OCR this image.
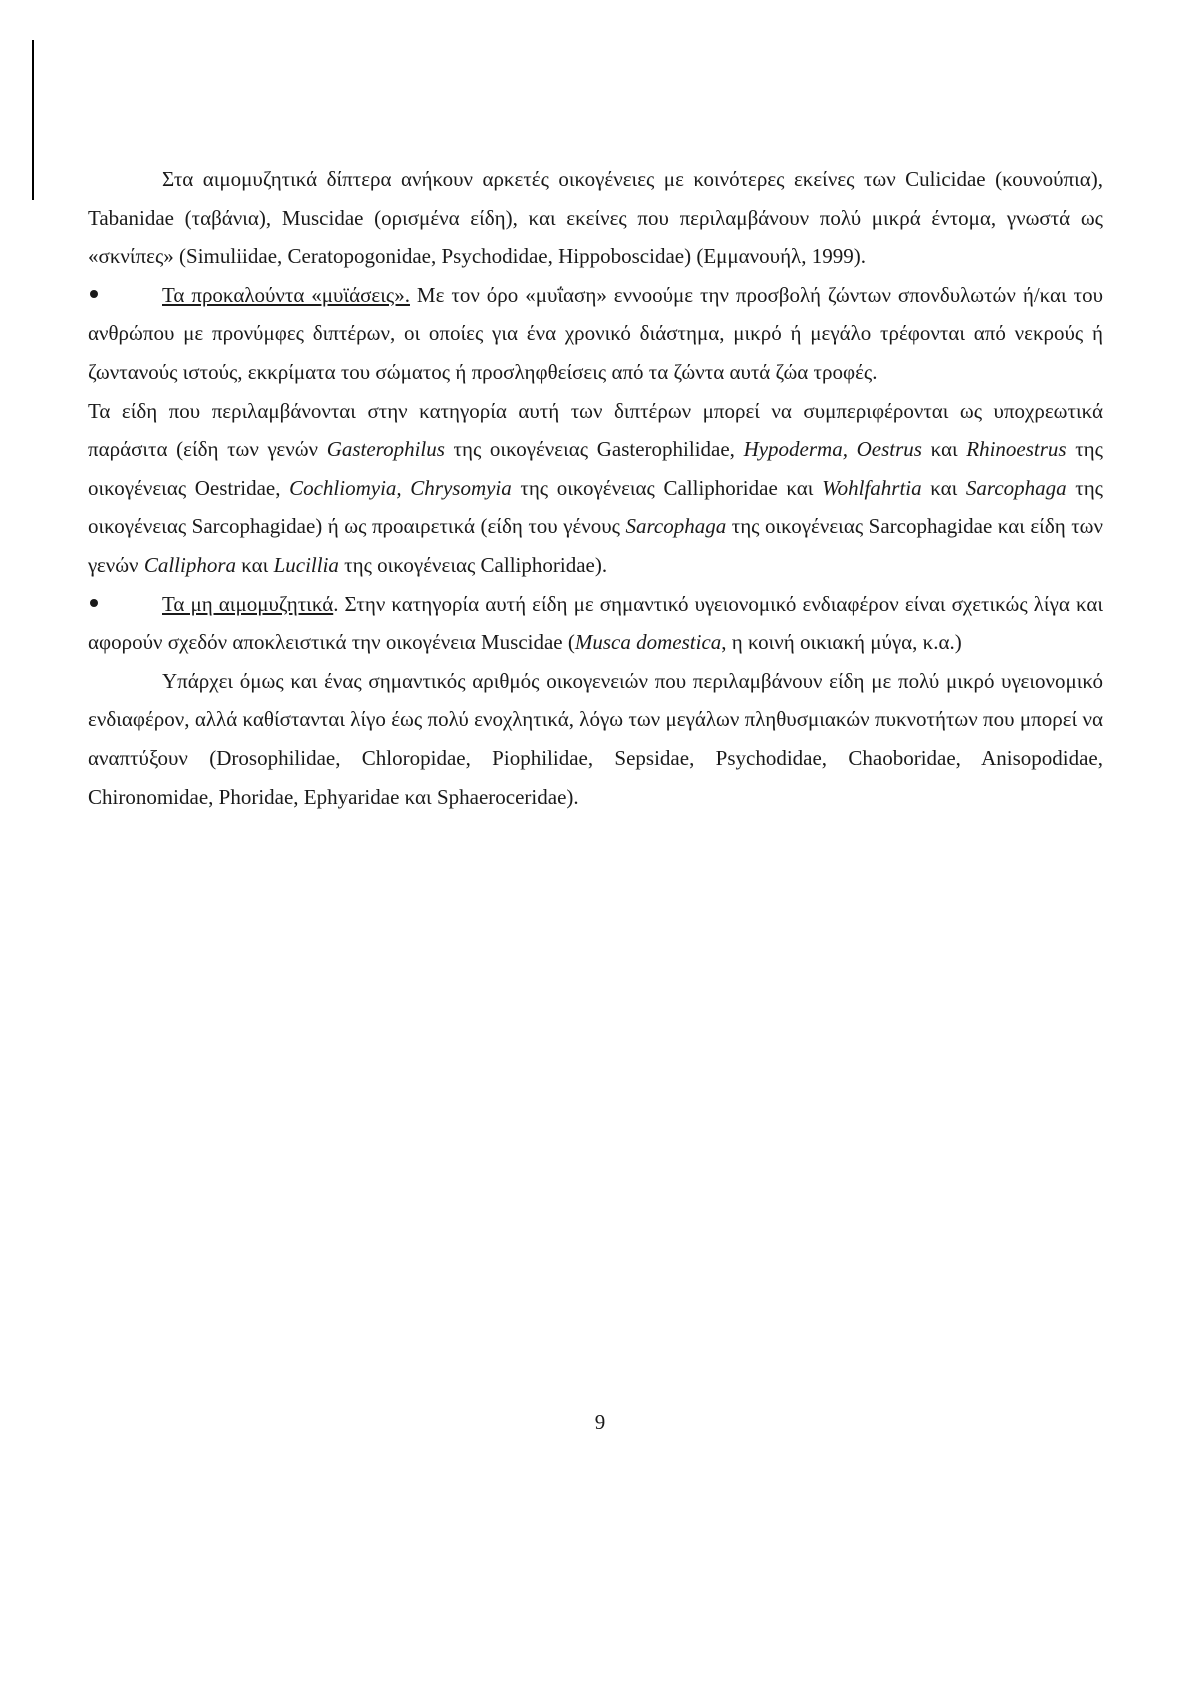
Στα αιμομυζητικά δίπτερα ανήκουν αρκετές οικογένειες με κοινότερες εκείνες των Culicidae (κουνούπια), Tabanidae (ταβάνια), Muscidae (ορισμένα είδη), και εκείνες που περιλαμβάνουν πολύ μικρά έντομα, γνωστά ως «σκνίπες» (Simuliidae, Ceratopogonidae, Psychodidae, Hippoboscidae) (Εμμανουήλ, 1999).

Τα προκαλούντα «μυϊάσεις». Με τον όρο «μυΐαση» εννοούμε την προσβολή ζώντων σπονδυλωτών ή/και του ανθρώπου με προνύμφες διπτέρων, οι οποίες για ένα χρονικό διάστημα, μικρό ή μεγάλο τρέφονται από νεκρούς ή ζωντανούς ιστούς, εκκρίματα του σώματος ή προσληφθείσεις από τα ζώντα αυτά ζώα τροφές.

Τα είδη που περιλαμβάνονται στην κατηγορία αυτή των διπτέρων μπορεί να συμπεριφέρονται ως υποχρεωτικά παράσιτα (είδη των γενών Gasterophilus της οικογένειας Gasterophilidae, Hypoderma, Oestrus και Rhinoestrus της οικογένειας Oestridae, Cochliomyia, Chrysomyia της οικογένειας Calliphoridae και Wohlfahrtia και Sarcophaga της οικογένειας Sarcophagidae) ή ως προαιρετικά (είδη του γένους Sarcophaga της οικογένειας Sarcophagidae και είδη των γενών Calliphora και Lucillia της οικογένειας Calliphoridae).

Τα μη αιμομυζητικά. Στην κατηγορία αυτή είδη με σημαντικό υγειονομικό ενδιαφέρον είναι σχετικώς λίγα και αφορούν σχεδόν αποκλειστικά την οικογένεια Muscidae (Musca domestica, η κοινή οικιακή μύγα, κ.α.)

Υπάρχει όμως και ένας σημαντικός αριθμός οικογενειών που περιλαμβάνουν είδη με πολύ μικρό υγειονομικό ενδιαφέρον, αλλά καθίστανται λίγο έως πολύ ενοχλητικά, λόγω των μεγάλων πληθυσμιακών πυκνοτήτων που μπορεί να αναπτύξουν (Drosophilidae, Chloropidae, Piophilidae, Sepsidae, Psychodidae, Chaoboridae, Anisopodidae, Chironomidae, Phoridae, Ephyaridae και Sphaeroceridae).

9
